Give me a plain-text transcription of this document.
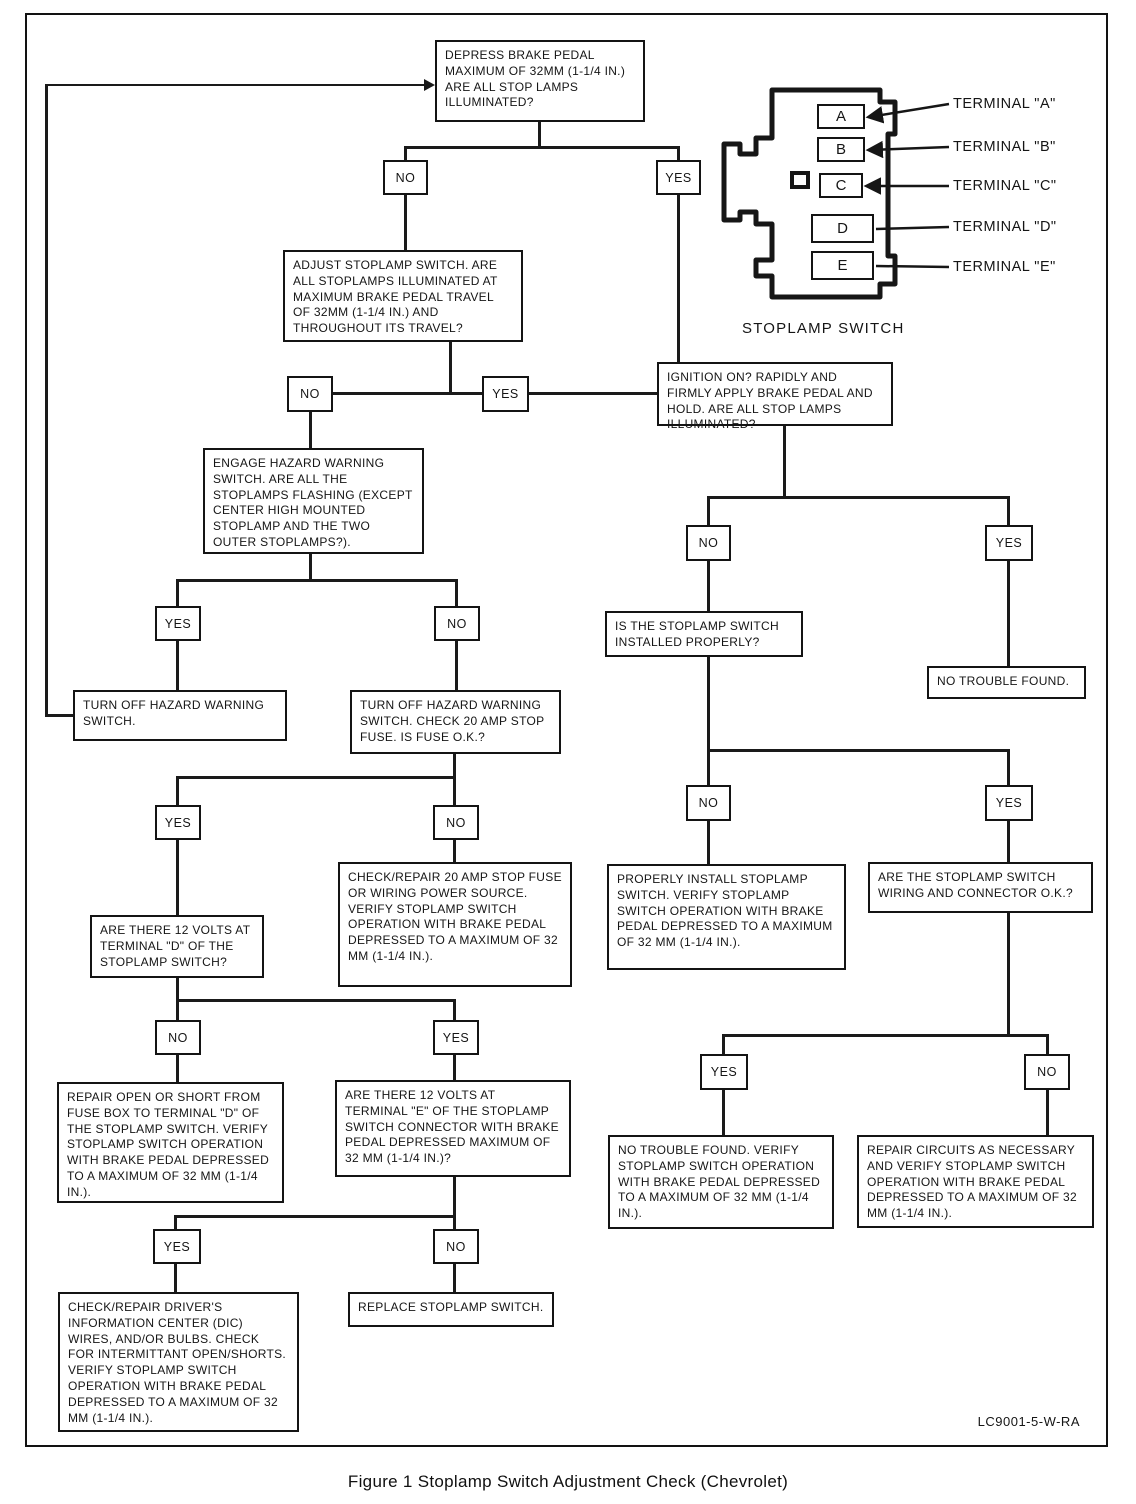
A
B
C
D
E
TERMINAL "A"
TERMINAL "B"
TERMINAL "C"
TERMINAL "D"
TERMINAL "E"
STOPLAMP SWITCH
DEPRESS BRAKE PEDAL MAXIMUM OF 32MM (1-1/4 IN.) ARE ALL STOP LAMPS ILLUMINATED?
NO	YES
ADJUST STOPLAMP SWITCH. ARE ALL STOPLAMPS ILLUMINATED AT MAXIMUM BRAKE PEDAL TRAVEL OF 32MM (1-1/4 IN.) AND THROUGHOUT ITS TRAVEL?
NO	YES
IGNITION ON? RAPIDLY AND FIRMLY APPLY BRAKE PEDAL AND HOLD. ARE ALL STOP LAMPS ILLUMINATED?
ENGAGE HAZARD WARNING SWITCH. ARE ALL THE STOPLAMPS FLASHING (EXCEPT CENTER HIGH MOUNTED STOPLAMP AND THE TWO OUTER STOPLAMPS?).
YES	NO
TURN OFF HAZARD WARNING SWITCH.
TURN OFF HAZARD WARNING SWITCH. CHECK 20 AMP STOP FUSE. IS FUSE O.K.?
YES	NO
CHECK/REPAIR 20 AMP STOP FUSE OR WIRING POWER SOURCE. VERIFY STOPLAMP SWITCH OPERATION WITH BRAKE PEDAL DEPRESSED TO A MAXIMUM OF 32 MM (1-1/4 IN.).
ARE THERE 12 VOLTS AT TERMINAL "D" OF THE STOPLAMP SWITCH?
NO	YES
REPAIR OPEN OR SHORT FROM FUSE BOX TO TERMINAL "D" OF THE STOPLAMP SWITCH. VERIFY STOPLAMP SWITCH OPERATION WITH BRAKE PEDAL DEPRESSED TO A MAXIMUM OF 32 MM (1-1/4 IN.).
ARE THERE 12 VOLTS AT TERMINAL "E" OF THE STOPLAMP SWITCH CONNECTOR WITH BRAKE PEDAL DEPRESSED MAXIMUM OF 32 MM (1-1/4 IN.)?
YES	NO
CHECK/REPAIR DRIVER'S INFORMATION CENTER (DIC) WIRES, AND/OR BULBS. CHECK FOR INTERMITTANT OPEN/SHORTS. VERIFY STOPLAMP SWITCH OPERATION WITH BRAKE PEDAL DEPRESSED TO A MAXIMUM OF 32 MM (1-1/4 IN.).
REPLACE STOPLAMP SWITCH.
NO	YES
IS THE STOPLAMP SWITCH INSTALLED PROPERLY?
NO TROUBLE FOUND.
NO	YES
PROPERLY INSTALL STOPLAMP SWITCH. VERIFY STOPLAMP SWITCH OPERATION WITH BRAKE PEDAL DEPRESSED TO A MAXIMUM OF 32 MM (1-1/4 IN.).
ARE THE STOPLAMP SWITCH WIRING AND CONNECTOR O.K.?
YES	NO
NO TROUBLE FOUND. VERIFY STOPLAMP SWITCH OPERATION WITH BRAKE PEDAL DEPRESSED TO A MAXIMUM OF 32 MM (1-1/4 IN.).
REPAIR CIRCUITS AS NECESSARY AND VERIFY STOPLAMP SWITCH OPERATION WITH BRAKE PEDAL DEPRESSED TO A MAXIMUM OF 32 MM (1-1/4 IN.).
LC9001-5-W-RA
Figure 1 Stoplamp Switch Adjustment Check (Chevrolet)
